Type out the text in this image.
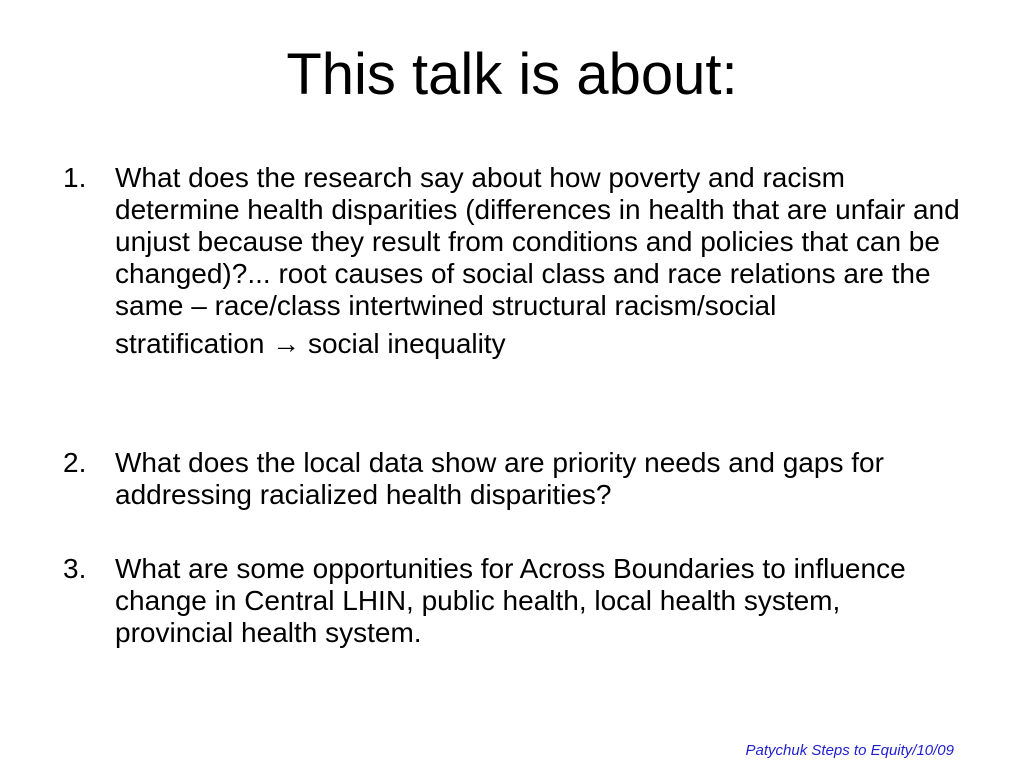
This talk is about:
1.	What does the research say about how poverty and racism determine health disparities (differences in health that are unfair and unjust because they result from conditions and policies that can be changed)?... root causes of social class and race relations are the same – race/class intertwined structural racism/social
stratification → social inequality
2.	What does the local data show are priority needs and gaps for addressing racialized health disparities?
3.	What are some opportunities for Across Boundaries to influence change in Central LHIN, public health, local health system, provincial health system.
Patychuk Steps to Equity/10/09
